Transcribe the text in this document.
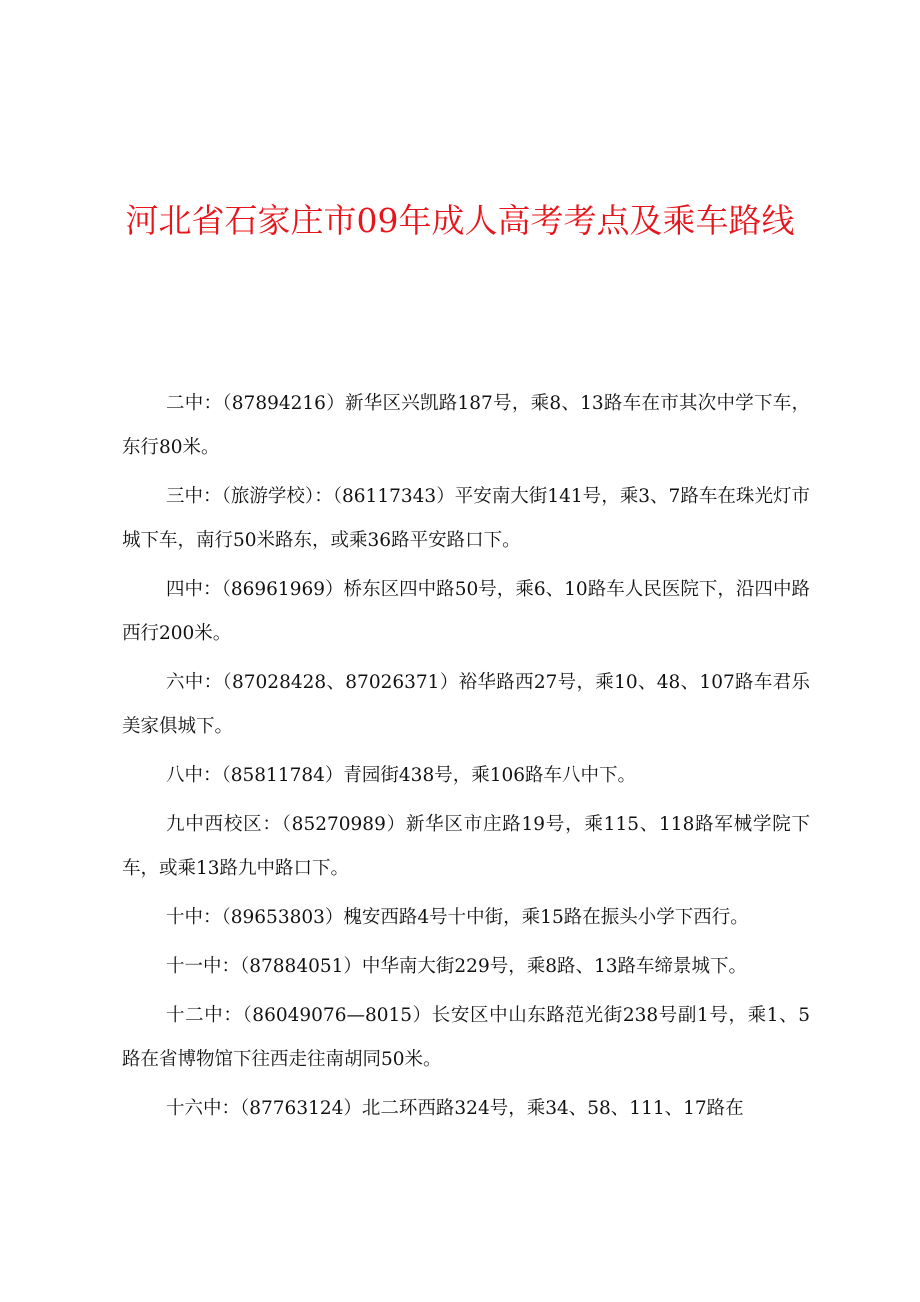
河北省石家庄市09年成人高考考点及乘车路线

二中：（87894216）新华区兴凯路187号，乘8、13路车在市其次中学下车，东行80米。

三中：（旅游学校）：（86117343）平安南大街141号，乘3、7路车在珠光灯市城下车，南行50米路东，或乘36路平安路口下。

四中：（86961969）桥东区四中路50号，乘6、10路车人民医院下，沿四中路西行200米。

六中：（87028428、87026371）裕华路西27号，乘10、48、107路车君乐美家俱城下。

八中：（85811784）青园街438号，乘106路车八中下。

九中西校区：（85270989）新华区市庄路19号，乘115、118路军械学院下车，或乘13路九中路口下。

十中：（89653803）槐安西路4号十中街，乘15路在振头小学下西行。

十一中：（87884051）中华南大街229号，乘8路、13路车缔景城下。

十二中：（86049076—8015）长安区中山东路范光街238号副1号，乘1、5路在省博物馆下往西走往南胡同50米。

十六中：（87763124）北二环西路324号，乘34、58、111、17路在
